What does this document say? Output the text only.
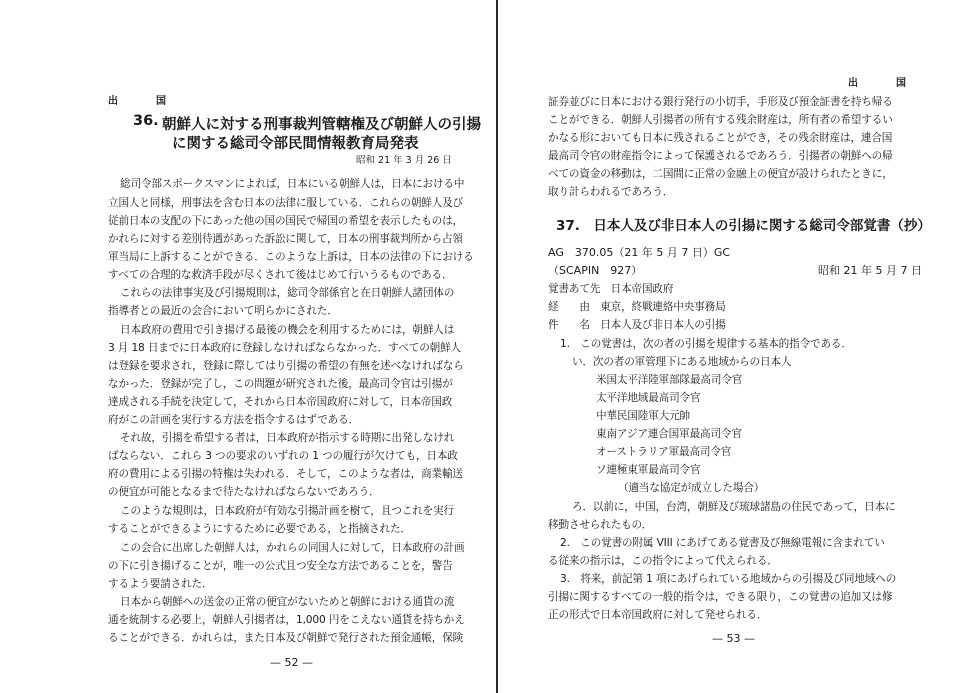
出　国
36. 朝鮮人に対する刑事裁判管轄権及び朝鮮人の引揚
に関する総司令部民間情報教育局発表
昭和 21 年 3 月 26 日
総司令部スポークスマンによれば，日本にいる朝鮮人は，日本における中
立国人と同様，刑事法を含む日本の法律に服している．これらの朝鮮人及び
従前日本の支配の下にあった他の国の国民で帰国の希望を表示したものは，
かれらに対する差別待遇があった訴訟に関して，日本の刑事裁判所から占領
軍当局に上訴することができる．このような上訴は，日本の法律の下における
すべての合理的な救済手段が尽くされて後はじめて行いうるものである．
これらの法律事実及び引揚規則は，総司令部係官と在日朝鮮人諸団体の
指導者との最近の会合において明らかにされた．
日本政府の費用で引き揚げる最後の機会を利用するためには，朝鮮人は
3 月 18 日までに日本政府に登録しなければならなかった．すべての朝鮮人
は登録を要求され，登録に際してはり引揚の希望の有無を述べなければなら
なかった．登録が完了し，この問題が研究された後，最高司令官は引揚が
達成される手続を決定して，それから日本帝国政府に対して，日本帝国政
府がこの計画を実行する方法を指令するはずである．
それ故，引揚を希望する者は，日本政府が指示する時期に出発しなけれ
ばならない．これら 3 つの要求のいずれの 1 つの履行が欠けても，日本政
府の費用による引揚の特権は失われる．そして，このような者は，商業輸送
の便宜が可能となるまで待たなければならないであろう．
このような規則は，日本政府が有効な引揚計画を樹て，且つこれを実行
することができるようにするために必要である，と指摘された．
この会合に出席した朝鮮人は，かれらの同国人に対して，日本政府の計画
の下に引き揚げることが，唯一の公式且つ安全な方法であることを，警告
するよう要請された．
日本から朝鮮への送金の正常の便宜がないためと朝鮮における通貨の流
通を統制する必要上，朝鮮人引揚者は，1,000 円をこえない通貨を持ちかえ
ることができる．かれらは，また日本及び朝鮮で発行された預金通帳，保険
— 52 —
出　国
証券並びに日本における銀行発行の小切手，手形及び預金証書を持ち帰る
ことができる．朝鮮人引揚者の所有する残余財産は，所有者の希望するい
かなる形においても日本に残されることができ，その残余財産は，連合国
最高司令官の財産指令によって保護されるであろう．引揚者の朝鮮への帰
べての資金の移動は，二国間に正常の金融上の便宜が設けられたときに，
取り計らわれるであろう．
37.　日本人及び非日本人の引揚に関する総司令部覚書（抄）
AG　370.05（21 年 5 月 7 日）GC
（SCAPIN　927）	昭和 21 年 5 月 7 日
覚書あて先　日本帝国政府
経　　由　東京，終戦連絡中央事務局
件　　名　日本人及び非日本人の引揚
1.　この覚書は，次の者の引揚を規律する基本的指令である．
い．次の者の軍管理下にある地域からの日本人
米国太平洋陸軍部隊最高司令官
太平洋地域最高司令官
中華民国陸軍大元帥
東南アジア連合国軍最高司令官
オーストラリア軍最高司令官
ソ連極東軍最高司令官
（適当な協定が成立した場合）
ろ．以前に，中国，台湾，朝鮮及び琉球諸島の住民であって，日本に
移動させられたもの．
2.　この覚書の附属 VIII にあげてある覚書及び無線電報に含まれてい
る従来の指示は，この指令によって代えられる．
3.　将来，前記第 1 項にあげられている地域からの引揚及び同地域への
引揚に関するすべての一般的指令は，できる限り，この覚書の追加又は修
正の形式で日本帝国政府に対して発せられる．
— 53 —
